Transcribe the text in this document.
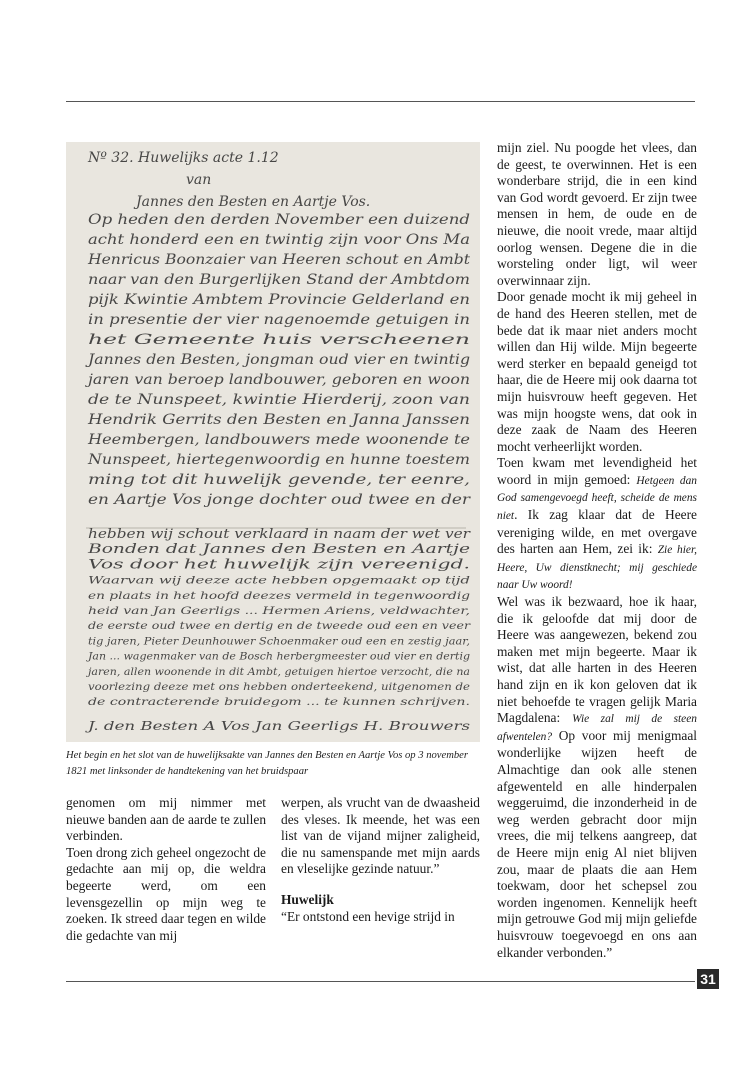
Nº 32. Huwelijks acte 1.12
van
Jannes den Besten en Aartje Vos.
Op heden den derden November een duizend
acht honderd een en twintig zijn voor Ons Ma
Henricus Boonzaier van Heeren schout en Ambt
naar van den Burgerlijken Stand der Ambtdom
pijk Kwintie Ambtem Provincie Gelderland en
in presentie der vier nagenoemde getuigen in
het Gemeente huis verscheenen
Jannes den Besten, jongman oud vier en twintig
jaren van beroep landbouwer, geboren en woon
de te Nunspeet, kwintie Hierderij, zoon van
Hendrik Gerrits den Besten en Janna Janssen
Heembergen, landbouwers mede woonende te
Nunspeet, hiertegenwoordig en hunne toestem
ming tot dit huwelijk gevende, ter eenre,
en Aartje Vos jonge dochter oud twee en der
hebben wij schout verklaard in naam der wet ver
Bonden dat Jannes den Besten en Aartje
Vos door het huwelijk zijn vereenigd.
Waarvan wij deeze acte hebben opgemaakt op tijd
en plaats in het hoofd deezes vermeld in tegenwoordig
heid van Jan Geerligs ... Hermen Ariens, veldwachter,
de eerste oud twee en dertig en de tweede oud een en veer
tig jaren, Pieter Deunhouwer Schoenmaker oud een en zestig jaar,
Jan ... wagenmaker van de Bosch herbergmeester oud vier en dertig
jaren, allen woonende in dit Ambt, getuigen hiertoe verzocht, die na
voorlezing deeze met ons hebben onderteekend, uitgenomen de
de contracterende bruidegom ... te kunnen schrijven.
J. den Besten A Vos Jan Geerligs H. Brouwers
Het begin en het slot van de huwelijksakte van Jannes den Besten en Aartje Vos op 3 november 1821 met linksonder de handtekening van het bruidspaar

genomen om mij nimmer met nieuwe banden aan de aarde te zullen verbinden.

Toen drong zich geheel ongezocht de gedachte aan mij op, die weldra begeerte werd, om een levensgezellin op mijn weg te zoeken. Ik streed daar tegen en wilde die gedachte van mij

werpen, als vrucht van de dwaasheid des vleses. Ik meende, het was een list van de vijand mijner zaligheid, die nu samenspande met mijn aards en vleselijke gezinde natuur.”

Huwelijk

“Er ontstond een hevige strijd in

mijn ziel. Nu poogde het vlees, dan de geest, te overwinnen. Het is een wonderbare strijd, die in een kind van God wordt gevoerd. Er zijn twee mensen in hem, de oude en de nieuwe, die nooit vrede, maar altijd oorlog wensen. Degene die in die worsteling onder ligt, wil weer overwinnaar zijn.

Door genade mocht ik mij geheel in de hand des Heeren stellen, met de bede dat ik maar niet anders mocht willen dan Hij wilde. Mijn begeerte werd sterker en bepaald geneigd tot haar, die de Heere mij ook daarna tot mijn huisvrouw heeft gegeven. Het was mijn hoogste wens, dat ook in deze zaak de Naam des Heeren mocht verheerlijkt worden.

Toen kwam met levendigheid het woord in mijn gemoed: Hetgeen dan God samengevoegd heeft, scheide de mens niet. Ik zag klaar dat de Heere vereniging wilde, en met overgave des harten aan Hem, zei ik: Zie hier, Heere, Uw dienstknecht; mij geschiede naar Uw woord!

Wel was ik bezwaard, hoe ik haar, die ik geloofde dat mij door de Heere was aangewezen, bekend zou maken met mijn begeerte. Maar ik wist, dat alle harten in des Heeren hand zijn en ik kon geloven dat ik niet behoefde te vragen gelijk Maria Magdalena: Wie zal mij de steen afwentelen? Op voor mij menigmaal wonderlijke wijzen heeft de Almachtige dan ook alle stenen afgewenteld en alle hinderpalen weggeruimd, die inzonderheid in de weg werden gebracht door mijn vrees, die mij telkens aangreep, dat de Heere mijn enig Al niet blijven zou, maar de plaats die aan Hem toekwam, door het schepsel zou worden ingenomen. Kennelijk heeft mijn getrouwe God mij mijn geliefde huisvrouw toegevoegd en ons aan elkander verbonden.”

31
